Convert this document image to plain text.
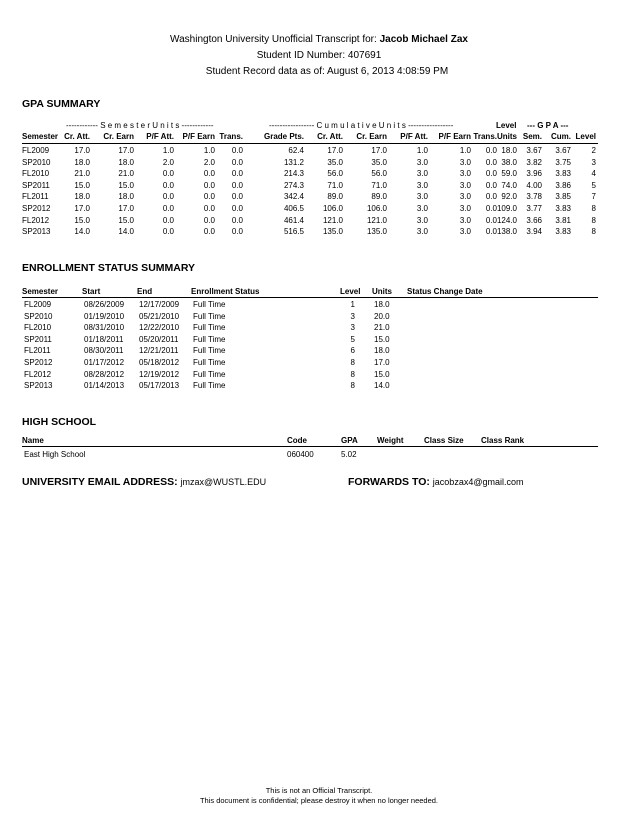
Washington University Unofficial Transcript for: Jacob Michael Zax
Student ID Number: 407691
Student Record data as of: August 6, 2013 4:08:59 PM
GPA SUMMARY
------------ S e m e s t e r U n i t s ------------	----------------- C u m u l a t i v e U n i t s -----------------	Level --- G P A ---
Semester Cr. Att. Cr. Earn P/F Att. P/F Earn Trans.	Grade Pts. Cr. Att. Cr. Earn P/F Att. P/F Earn Trans. Units Sem. Cum. Level
FL2009	17.0	17.0	1.0	1.0 0.0	62.4	17.0	17.0	1.0	1.0 0.0 18.0 3.67 3.67	2
SP2010	18.0	18.0	2.0	2.0 0.0	131.2	35.0	35.0	3.0	3.0 0.0 38.0 3.82 3.75	3
FL2010	21.0	21.0	0.0	0.0 0.0	214.3	56.0	56.0	3.0	3.0 0.0 59.0 3.96 3.83	4
SP2011	15.0	15.0	0.0	0.0 0.0	274.3	71.0	71.0	3.0	3.0 0.0 74.0 4.00 3.86	5
FL2011	18.0	18.0	0.0	0.0 0.0	342.4	89.0	89.0	3.0	3.0 0.0 92.0 3.78 3.85	7
SP2012	17.0	17.0	0.0	0.0 0.0	406.5 106.0	106.0	3.0	3.0 0.0 109.0 3.77 3.83	8
FL2012	15.0	15.0	0.0	0.0 0.0	461.4 121.0	121.0	3.0	3.0 0.0 124.0 3.66 3.81	8
SP2013	14.0	14.0	0.0	0.0 0.0	516.5 135.0	135.0	3.0	3.0 0.0 138.0 3.94 3.83	8
ENROLLMENT STATUS SUMMARY
Semester	Start	End	Enrollment Status	Level Units Status Change Date
FL2009	08/26/2009 12/17/2009 Full Time	1 18.0
SP2010	01/19/2010 05/21/2010 Full Time	3 20.0
FL2010	08/31/2010 12/22/2010 Full Time	3 21.0
SP2011	01/18/2011 05/20/2011 Full Time	5 15.0
FL2011	08/30/2011 12/21/2011 Full Time	6 18.0
SP2012	01/17/2012 05/18/2012 Full Time	8 17.0
FL2012	08/28/2012 12/19/2012 Full Time	8 15.0
SP2013	01/14/2013 05/17/2013 Full Time	8 14.0
HIGH SCHOOL
Name	Code	GPA Weight	Class Size Class Rank
East High School	060400	5.02
UNIVERSITY EMAIL ADDRESS: jmzax@WUSTL.EDU	FORWARDS TO: jacobzax4@gmail.com
This is not an Official Transcript.
This document is confidential; please destroy it when no longer needed.
